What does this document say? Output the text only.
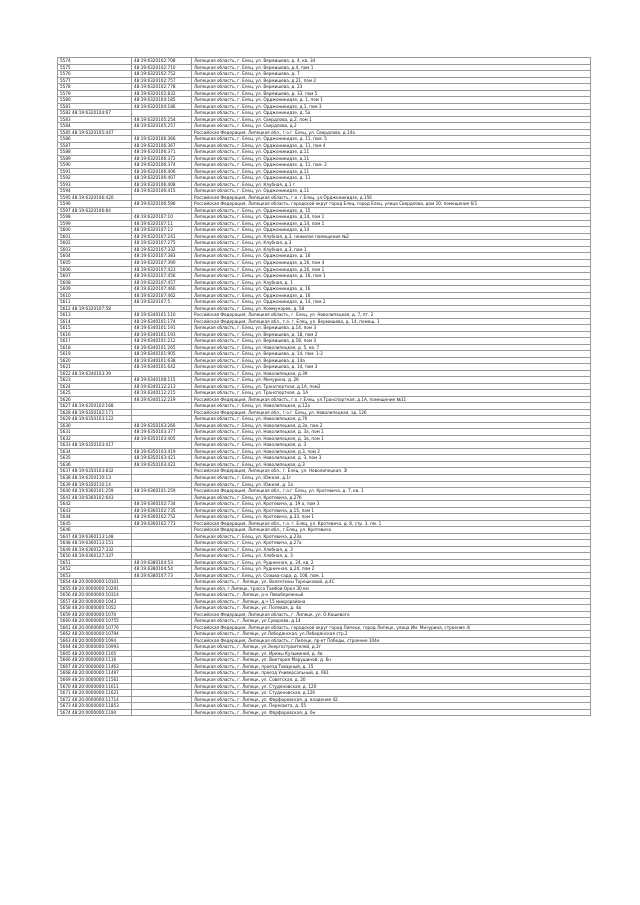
5574	48:19:6320102:708	Липецкая область, г. Елец, ул. Вермишева, д. 4, кв. 34
5575	48:19:6320102:710	Липецкая область, г. Елец, ул. Вермишева, д.4, пом 1
5576	48:19:6320102:752	Липецкая область, г. Елец, ул. Вермишева, д. 7
5577	48:19:6320102:757	Липецкая область, г. Елец, ул. Вермишева, д.21, пом 2
5578	48:19:6320102:778	Липецкая область, г. Елец, ул. Вермишева, д. 23
5579	48:19:6320102:832	Липецкая область, г. Елец, ул. Вермишева, д. 33, пом 5
5580	48:19:6320104:185	Липецкая область, г. Елец, ул. Орджоникидзе, д. 1, пом 1
5581	48:19:6320104:186	Липецкая область, г. Елец, ул. Орджоникидзе, д.1, пом 3
5582 48:19:6320104:67		Липецкая область, г. Елец, ул. Орджоникидзе, д. 5а
5583	48:19:6320105:254	Липецкая область, г. Елец, ул. Свердлова, д.2, пом 1
5584	48:19:6320105:257	Липецкая область, г. Елец, ул. Свердлова, д.2
5585 48:19:6320105:447		Российская Федерация, Липецкая обл., г.о.г. Елец, ул. Свердлова, д.14а
5586	48:19:6320106:366	Липецкая область, г. Елец, ул. Орджоникидзе, д. 11, пом. 5
5587	48:19:6320106:367	Липецкая область, г. Елец, ул. Орджоникидзе, д. 11, пом 4
5588	48:19:6320106:371	Липецкая область, г. Елец, ул. Орджоникидзе, д.11
5589	48:19:6320106:372	Липецкая область, г. Елец, ул. Орджоникидзе, д.11
5590	48:19:6320106:374	Липецкая область, г. Елец, ул. Орджоникидзе, д. 11, пом. 2
5591	48:19:6320106:406	Липецкая область, г. Елец, ул. Орджоникидзе, д.11
5592	48:19:6320106:407	Липецкая область, г. Елец, ул. Орджоникидзе, д. 11
5593	48:19:6320106:408	Липецкая область, г. Елец, ул. Клубная, д.1 г
5594	48:19:6320106:415	Липецкая область, г. Елец, ул. Орджоникидзе, д.11
5595 48:19:6320106:420		Российская Федерация, Липецкая область, г.о. г.Елец, ул.Орджоникидзе, д.15б
5596	48:19:6320106:596	Российская Федерация, Липецкая область, городской округ город Елец, город Елец, улица Свердлова, дом 10, помещение 6/1
5597 48:19:6320106:84		Липецкая область, г. Елец, ул. Орджоникидзе, д. 15
5598	48:19:6320107:10	Липецкая область, г. Елец, ул. Орджоникидзе, д.14, пом 1
5599	48:19:6320107:11	Липецкая область, г. Елец, ул. Орджоникидзе, д.14, пом 1
5600	48:19:6320107:12	Липецкая область, г. Елец, ул. Орджоникидзе, д.14
5601	48:19:6320107:241	Липецкая область, г. Елец, ул. Клубная, д.3, нежилое помещение №2
5602	48:19:6320107:275	Липецкая область, г. Елец, ул. Клубная, д.3
5603	48:19:6320107:332	Липецкая область, г. Елец, ул. Клубная, д.3, пом 1
5604	48:19:6320107:383	Липецкая область, г. Елец, ул. Орджоникидзе, д. 16
5605	48:19:6320107:390	Липецкая область, г. Елец, ул. Орджоникидзе, д.16, пом 4
5606	48:19:6320107:423	Липецкая область, г. Елец, ул. Орджоникидзе, д.16, пом 1
5607	48:19:6320107:456	Липецкая область, г. Елец, ул. Орджоникидзе, д. 16, пом 1
5608	48:19:6320107:457	Липецкая область, г. Елец, ул. Клубная, д. 1
5609	48:19:6320107:460	Липецкая область, г. Елец, ул. Орджоникидзе, д. 16
5610	48:19:6320107:462	Липецкая область, г. Елец, ул. Орджоникидзе, д. 16
5611	48:19:6320107:5	Липецкая область, г. Елец, ул. Орджоникидзе, д. 14, пом 2
5612 48:19:6320107:58		Липецкая область, г. Елец, ул. Коммунаров, д. 58
5613	48:19:6340101:110	Российская Федерация, Липецкая область, г. Елец, ул. Новолипецкая, д. 7, пт. 2
5614	48:19:6340101:174	Российская Федерация, Липецкая обл., г.о. г. Елец, ул. Вермишева, д. 14, помещ. 1
5615	48:19:6340101:191	Липецкая область, г. Елец, ул. Вермишева, д.14, пом 3
5616	48:19:6340101:193	Липецкая область, г. Елец, ул. Вермишева, д. 18, пом 2
5617	48:19:6340101:212	Липецкая область, г. Елец, ул. Вермишева, д.18, пом 3
5618	48:19:6340101:265	Липецкая область, г. Елец, ул. Новолипецкая, д. 5, кв. 7
5619	48:19:6340101:905	Липецкая область, г. Елец, ул. Вермишева, д. 14, пом. 1-2
5620	48:19:6340101:638	Липецкая область, г. Елец, ул. Вермишева, д. 14а
5621	48:19:6340101:642	Липецкая область, г. Елец, ул. Вермишева, д. 14, пом 3
5622 48:19:6340103:39		Липецкая область, г. Елец, ул. Новолипецкая, д.39
5623	48:19:6340108:115	Липецкая область, г. Елец, ул. Мичурина, д. 2б
5624	48:19:6340112:213	Липецкая область, г. Елец, ул. Транспортная, д.1А, пом2
5625	48:19:6340112:215	Липецкая область, г. Елец, ул. Транспортная, д. 1А
5626	48:19:6340112:219	Российская Федерация, Липецкая область, г.о. г.Елец, ул.Транспортная, д.1А, помещение №11
5627 48:19:6350102:168		Липецкая область, г. Елец, ул. Новолипецкая, д.12а
5628 48:19:6350102:171		Российская Федерация, Липецкая обл., г.о.г. Елец, ул. Новолипецкая, зд. 12б
5629 48:19:6350103:122		Липецкая область, г. Елец, ул. Новолипецкая, д.7б
5630	48:19:6350103:266	Липецкая область, г. Елец, ул. Новолипецкая, д.3а, пом 2
5631	48:19:6350103:377	Липецкая область, г. Елец, ул. Новолипецкая, д. 3а, пом 1
5632	48:19:6350103:405	Липецкая область, г. Елец, ул. Новолипецкая, д. 3а, пом 1
5633 48:19:6350103:417		Липецкая область, г. Елец, ул. Новолипецкая, д. 3
5634	48:19:6350103:419	Липецкая область, г. Елец, ул. Новолипецкая, д.3, пом 2
5635	48:19:6350103:421	Липецкая область, г. Елец, ул. Новолипецкая, д. 3, пом 3
5636	48:19:6350103:422	Липецкая область, г. Елец, ул. Новолипецкая, д.3
5637 48:19:6350103:832		Российская Федерация, Липецкая обл., г. Елец, ул. Новолипецкая, 3l
5638 48:19:6350110:13		Липецкая область, г. Елец, ул. Южная, д.1г
5639 48:19:6350110:14		Липецкая область, г. Елец, ул. Южная, д. 1а
5640 48:19:6360101:259	48:19:6360101:259	Российская Федерация, Липецкая обл., г.о.г. Елец, ул. Кротевича, д. 7, кв. 1
5641 48:19:6360102:643		Липецкая область, г. Елец, ул. Кротевича, д.27б
5642	48:19:6360102:734	Липецкая область, г. Елец, ул. Кротевича, д. 19 а, пом 3
5643	48:19:6360102:735	Липецкая область, г. Елец, ул. Кротевича, д.15, пом 1
5644	48:19:6360102:752	Липецкая область, г. Елец, ул. Кротевича, д.33, пом 1
5645	48:19:6360102:773	Российская Федерация, Липецкая обл., г.о. г. Елец, ул. Кротевича, д. 8, стр. 3, пм. 1
5646		Российская Федерация, Липецкая обл., г.Елец, ул. Кротевича
5647 48:19:6360113:148		Липецкая область, г. Елец, ул. Кротевича, д.23а
5648 48:19:6360113:151		Липецкая область, г. Елец, ул. Кротевича, д.27а
5649 48:19:6360127:332		Липецкая область, г. Елец, ул. Хлебная, д. 3
5650 48:19:6360127:337		Липецкая область, г. Елец, ул. Хлебная, д. 3
5651	48:19:6380104:53	Липецкая область, г. Елец, ул. Рудничная, д. 24, кв. 2
5652	48:19:6380104:54	Липецкая область, г. Елец, ул. Рудничная, д.24, пом 2
5653	48:19:6380107:73	Липецкая область, г. Елец, ул. Созыва-сада, д. 108, пом. 1
5654 48:20:0000000:10101		Липецкая область, г. Липецк, ул. Валентины Терешковой, д.4С
5655 48:20:0000000:10291		Липецкая обл, г.Липецк, трасса Тамбов-Орел 30 км
5656 48:20:0000000:10314		Липецкая область, г. Липецк, р-н Левобережный
5657 48:20:0000000:1043		Липецкая область, г. Липецк, д.ч 15 микрорайона
5658 48:20:0000000:1052		Липецкая область, г. Липецк, ул. Полевая, д. 4в
5659 48:20:0000000:1070		Российская Федерация, Липецкая область, г. Липецк, ул. О.Кошевого
5660 48:20:0000000:10755		Липецкая область, г. Липецк, ул.Суворова, д.14
5661 48:20:0000000:10776		Российская Федерация, Липецкая область, городской округ город Липецк, город Липецк, улица Им. Мичурина, строение 4/
5662 48:20:0000000:10794		Липецкая область, г. Липецк, ул.Лебедянская, ул.Лебедянская стр.2
5663 48:20:0000000:1094		Российская Федерация, Липецкая область, г.Липецк, пр-кт Победы, строение 104е
5664 48:20:0000000:10993		Липецкая область, г. Липецк, ул.Энергостроителей, д.3г
5665 48:20:0000000:1105		Липецкая область, г. Липецк, ул. Ирины Кузьминой, д. 4в
5666 48:20:0000000:1116		Липецкая область, г. Липецк, ул. Виктория Марушиной, д. 6н
5667 48:20:0000000:11463		Липецкая область, г. Липецк, проезд Товарный, д. 15
5668 48:20:0000000:11497		Липецкая область, г. Липецк, проезд Универсальный, д. 6б1
5669 48:20:0000000:11561		Липецкая область, г. Липецк, ул. Советская, д. 20
5670 48:20:0000000:11611		Липецкая область, г. Липецк, ул. Студеновская, д. 120
5671 48:20:0000000:11621		Липецкая область, г. Липецк, ул. Студеновская, д.12б
5672 48:20:0000000:11714		Липецкая область, г. Липецк, ул. Фарфоровская, д. владение 42
5673 48:20:0000000:11853		Липецкая область, г. Липецк, ул. Пересвета, д. 55
5674 48:20:0000000:1190		Липецкая область, г. Липецк, ул. Фарфоровская, д. 6н
